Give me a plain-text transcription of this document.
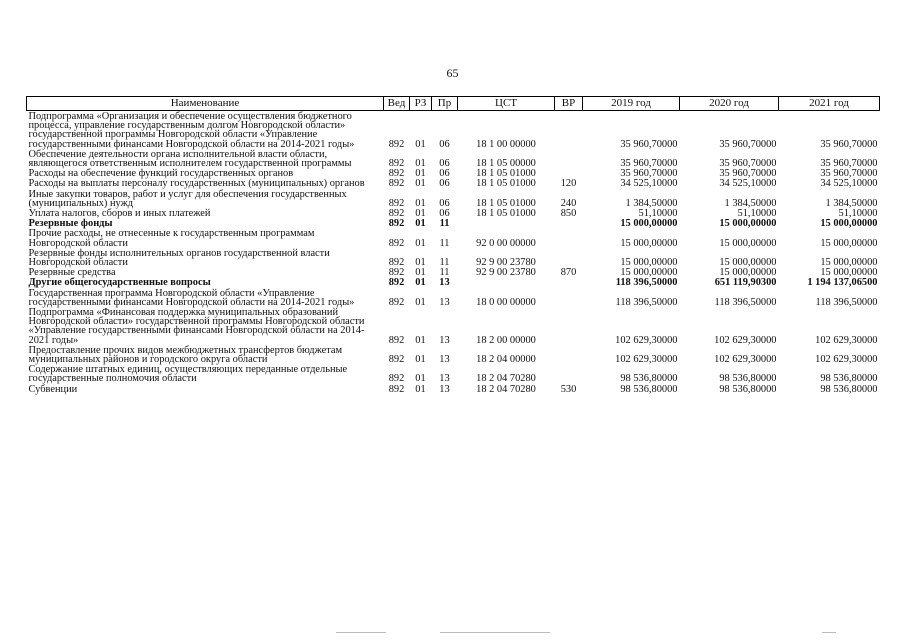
65
Наименование	Вед	РЗ	Пр	ЦСТ	ВР	2019 год	2020 год	2021 год
Подпрограмма «Организация и обеспечение осуществления бюджетного процесса, управление государственным долгом Новгородской области» государственной программы Новгородской области «Управление государственными финансами Новгородской области на 2014-2021 годы»	892	01	06	18 1 00 00000		35 960,70000	35 960,70000	35 960,70000
Обеспечение деятельности органа исполнительной власти области, являющегося ответственным исполнителем государственной программы	892	01	06	18 1 05 00000		35 960,70000	35 960,70000	35 960,70000
Расходы на обеспечение функций государственных органов	892	01	06	18 1 05 01000		35 960,70000	35 960,70000	35 960,70000
Расходы на выплаты персоналу государственных (муниципальных) органов	892	01	06	18 1 05 01000	120	34 525,10000	34 525,10000	34 525,10000
Иные закупки товаров, работ и услуг для обеспечения государственных (муниципальных) нужд	892	01	06	18 1 05 01000	240	1 384,50000	1 384,50000	1 384,50000
Уплата налогов, сборов и иных платежей	892	01	06	18 1 05 01000	850	51,10000	51,10000	51,10000
Резервные фонды	892	01	11			15 000,00000	15 000,00000	15 000,00000
Прочие расходы, не отнесенные к государственным программам Новгородской области	892	01	11	92 0 00 00000		15 000,00000	15 000,00000	15 000,00000
Резервные фонды исполнительных органов государственной власти Новгородской области	892	01	11	92 9 00 23780		15 000,00000	15 000,00000	15 000,00000
Резервные средства	892	01	11	92 9 00 23780	870	15 000,00000	15 000,00000	15 000,00000
Другие общегосударственные вопросы	892	01	13			118 396,50000	651 119,90300	1 194 137,06500
Государственная программа Новгородской области «Управление государственными финансами Новгородской области на 2014-2021 годы»	892	01	13	18 0 00 00000		118 396,50000	118 396,50000	118 396,50000
Подпрограмма «Финансовая поддержка муниципальных образований Новгородской области» государственной программы Новгородской области «Управление государственными финансами Новгородской области на 2014-2021 годы»	892	01	13	18 2 00 00000		102 629,30000	102 629,30000	102 629,30000
Предоставление прочих видов межбюджетных трансфертов бюджетам муниципальных районов и городского округа области	892	01	13	18 2 04 00000		102 629,30000	102 629,30000	102 629,30000
Содержание штатных единиц, осуществляющих переданные отдельные государственные полномочия области	892	01	13	18 2 04 70280		98 536,80000	98 536,80000	98 536,80000
Субвенции	892	01	13	18 2 04 70280	530	98 536,80000	98 536,80000	98 536,80000
